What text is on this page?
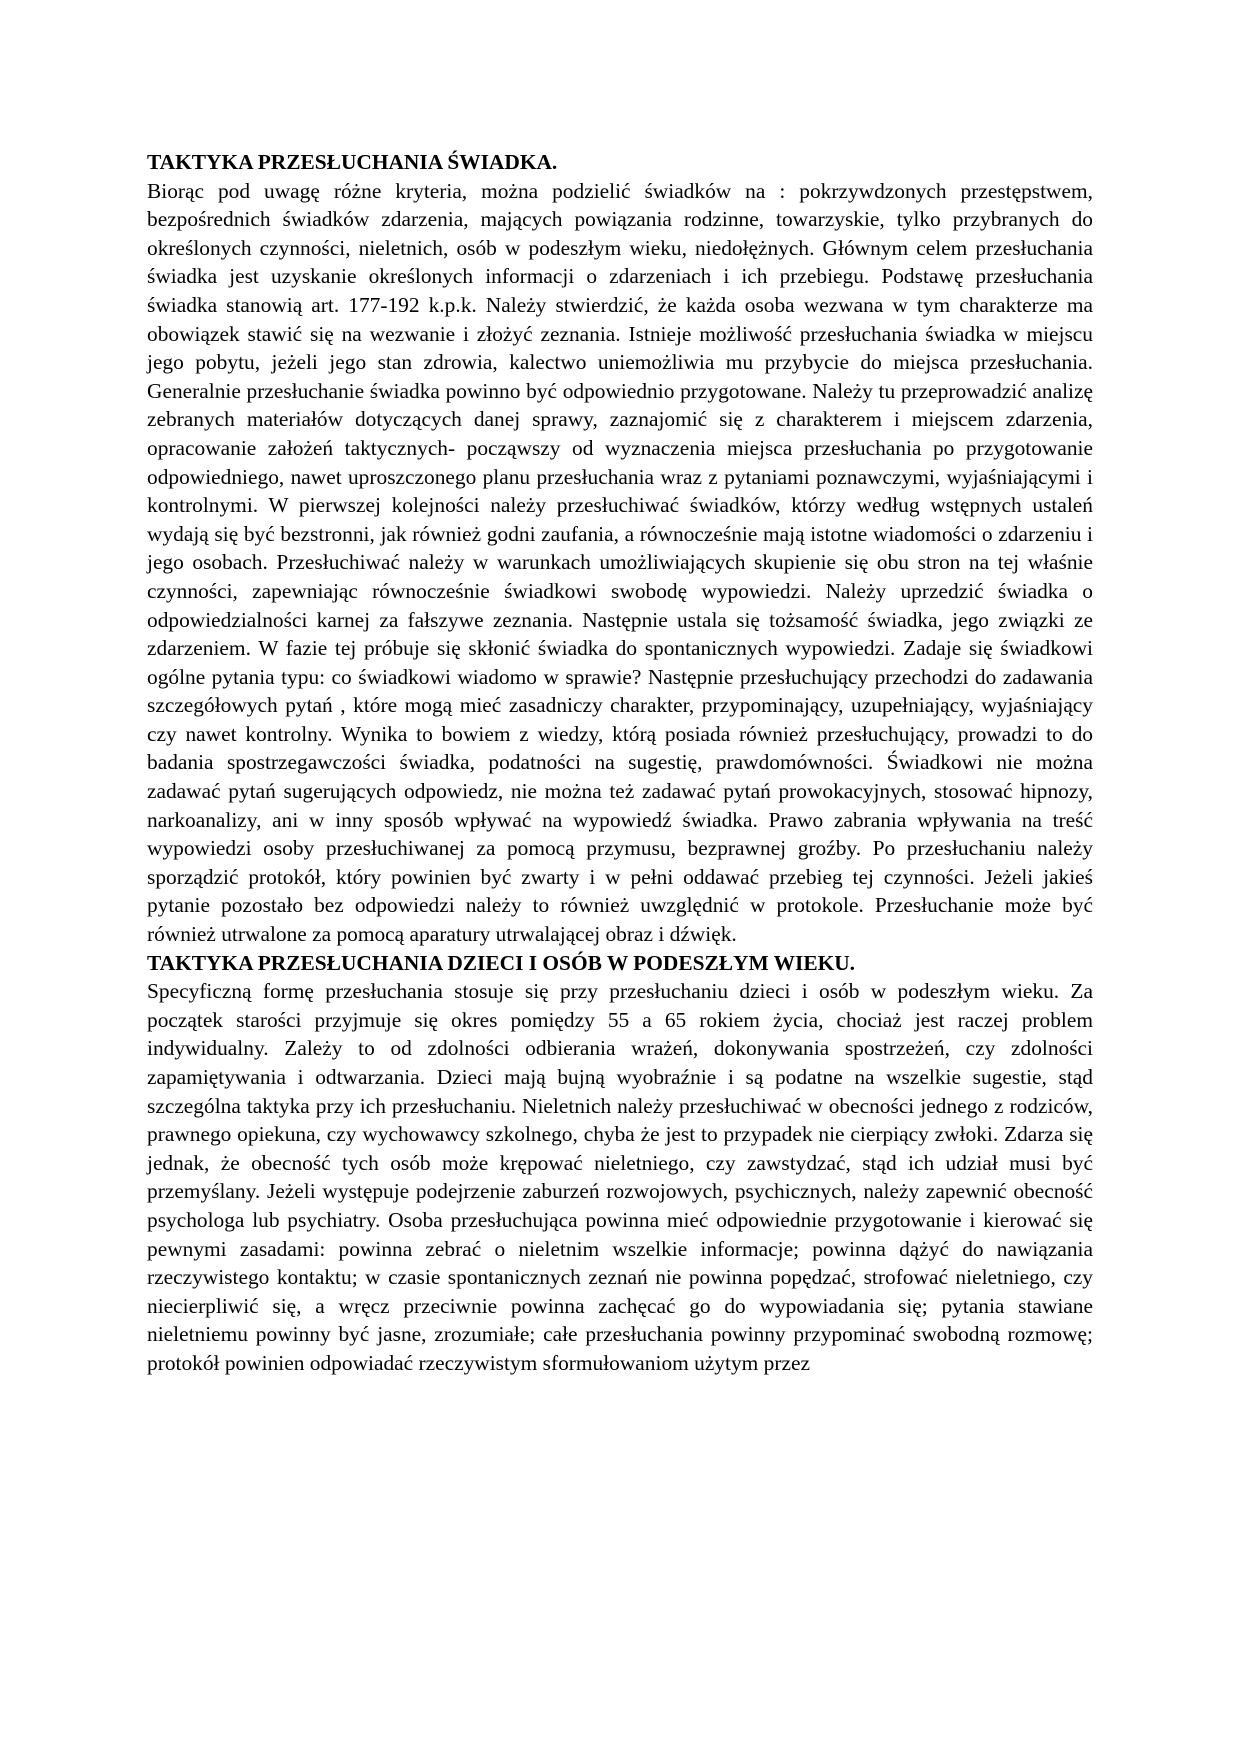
TAKTYKA PRZESŁUCHANIA ŚWIADKA.

Biorąc pod uwagę różne kryteria, można podzielić świadków na : pokrzywdzonych przestępstwem, bezpośrednich świadków zdarzenia, mających powiązania rodzinne, towarzyskie, tylko przybranych do określonych czynności, nieletnich, osób w podeszłym wieku, niedołężnych. Głównym celem przesłuchania świadka jest uzyskanie określonych informacji o zdarzeniach i ich przebiegu. Podstawę przesłuchania świadka stanowią art. 177-192 k.p.k. Należy stwierdzić, że każda osoba wezwana w tym charakterze ma obowiązek stawić się na wezwanie i złożyć zeznania. Istnieje możliwość przesłuchania świadka w miejscu jego pobytu, jeżeli jego stan zdrowia, kalectwo uniemożliwia mu przybycie do miejsca przesłuchania. Generalnie przesłuchanie świadka powinno być odpowiednio przygotowane. Należy tu przeprowadzić analizę zebranych materiałów dotyczących danej sprawy, zaznajomić się z charakterem i miejscem zdarzenia, opracowanie założeń taktycznych- począwszy od wyznaczenia miejsca przesłuchania po przygotowanie odpowiedniego, nawet uproszczonego planu przesłuchania wraz z pytaniami poznawczymi, wyjaśniającymi i kontrolnymi. W pierwszej kolejności należy przesłuchiwać świadków, którzy według wstępnych ustaleń wydają się być bezstronni, jak również godni zaufania, a równocześnie mają istotne wiadomości o zdarzeniu i jego osobach. Przesłuchiwać należy w warunkach umożliwiających skupienie się obu stron na tej właśnie czynności, zapewniając równocześnie świadkowi swobodę wypowiedzi. Należy uprzedzić świadka o odpowiedzialności karnej za fałszywe zeznania. Następnie ustala się tożsamość świadka, jego związki ze zdarzeniem. W fazie tej próbuje się skłonić świadka do spontanicznych wypowiedzi. Zadaje się świadkowi ogólne pytania typu: co świadkowi wiadomo w sprawie? Następnie przesłuchujący przechodzi do zadawania szczegółowych pytań , które mogą mieć zasadniczy charakter, przypominający, uzupełniający, wyjaśniający czy nawet kontrolny. Wynika to bowiem z wiedzy, którą posiada również przesłuchujący, prowadzi to do badania spostrzegawczości świadka, podatności na sugestię, prawdomówności. Świadkowi nie można zadawać pytań sugerujących odpowiedz, nie można też zadawać pytań prowokacyjnych, stosować hipnozy, narkoanalizy, ani w inny sposób wpływać na wypowiedź świadka. Prawo zabrania wpływania na treść wypowiedzi osoby przesłuchiwanej za pomocą przymusu, bezprawnej groźby. Po przesłuchaniu należy sporządzić protokół, który powinien być zwarty i w pełni oddawać przebieg tej czynności. Jeżeli jakieś pytanie pozostało bez odpowiedzi należy to również uwzględnić w protokole. Przesłuchanie może być również utrwalone za pomocą aparatury utrwalającej obraz i dźwięk.

TAKTYKA PRZESŁUCHANIA DZIECI I OSÓB W PODESZŁYM WIEKU.

Specyficzną formę przesłuchania stosuje się przy przesłuchaniu dzieci i osób w podeszłym wieku. Za początek starości przyjmuje się okres pomiędzy 55 a 65 rokiem życia, chociaż jest raczej problem indywidualny. Zależy to od zdolności odbierania wrażeń, dokonywania spostrzeżeń, czy zdolności zapamiętywania i odtwarzania. Dzieci mają bujną wyobraźnie i są podatne na wszelkie sugestie, stąd szczególna taktyka przy ich przesłuchaniu. Nieletnich należy przesłuchiwać w obecności jednego z rodziców, prawnego opiekuna, czy wychowawcy szkolnego, chyba że jest to przypadek nie cierpiący zwłoki. Zdarza się jednak, że obecność tych osób może krępować nieletniego, czy zawstydzać, stąd ich udział musi być przemyślany. Jeżeli występuje podejrzenie zaburzeń rozwojowych, psychicznych, należy zapewnić obecność psychologa lub psychiatry. Osoba przesłuchująca powinna mieć odpowiednie przygotowanie i kierować się pewnymi zasadami: powinna zebrać o nieletnim wszelkie informacje; powinna dążyć do nawiązania rzeczywistego kontaktu; w czasie spontanicznych zeznań nie powinna popędzać, strofować nieletniego, czy niecierpliwić się, a wręcz przeciwnie powinna zachęcać go do wypowiadania się; pytania stawiane nieletniemu powinny być jasne, zrozumiałe; całe przesłuchania powinny przypominać swobodną rozmowę; protokół powinien odpowiadać rzeczywistym sformułowaniom użytym przez
